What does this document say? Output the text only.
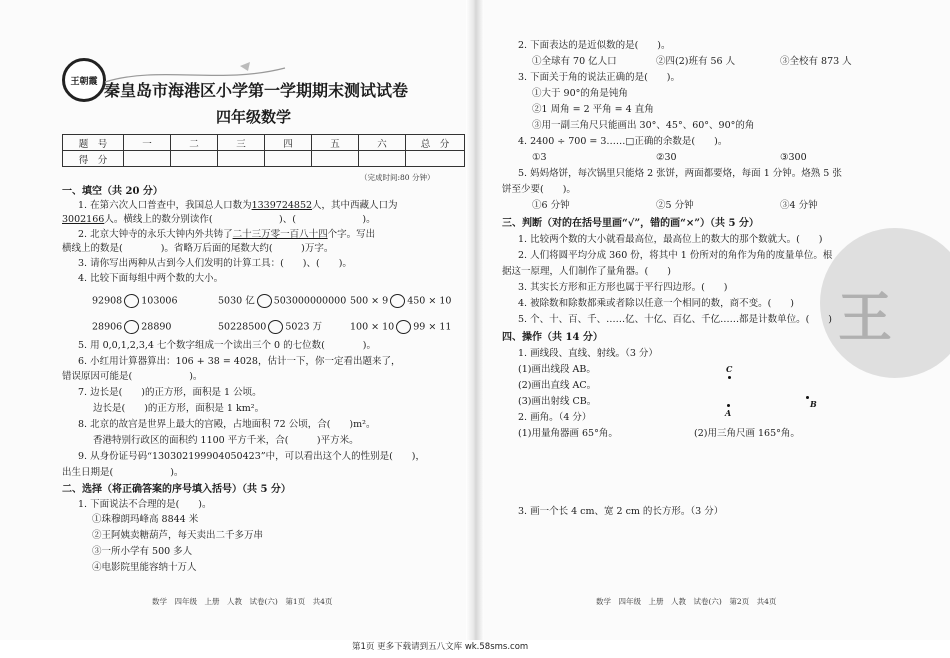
王朝霞 秦皇岛市海港区小学第一学期期末测试试卷
四年级数学
题　号	一	二	三	四	五	六	总　分
得　分							
（完成时间:80 分钟）
一、填空（共 20 分）
1. 在第六次人口普查中，我国总人口数为1339724852人，其中西藏人口为
3002166人。横线上的数分别读作(　　　　　　　)、(　　　　　　　)。
2. 北京大钟寺的永乐大钟内外共铸了二十三万零一百八十四个字。写出
横线上的数是(　　　　)。省略万后面的尾数大约(　　　)万字。
3. 请你写出两种从古到今人们发明的计算工具：(　　)、(　　)。
4. 比较下面每组中两个数的大小。
92908 103006	5030 亿 503000000000 500 × 9 450 × 10
28906 28890	50228500 5023 万	100 × 10 99 × 11
5. 用 0,0,1,2,3,4 七个数字组成一个读出三个 0 的七位数(　　　　)。
6. 小红用计算器算出：106 + 38 = 4028，估计一下，你一定看出题来了，
错误原因可能是(　　　　　　)。
7. 边长是(　　)的正方形，面积是 1 公顷。
边长是(　　)的正方形，面积是 1 km²。
8. 北京的故宫是世界上最大的宫殿，占地面积 72 公顷，合(　　)m²。
香港特别行政区的面积约 1100 平方千米，合(　　　)平方米。
9. 从身份证号码“130302199904050423”中，可以看出这个人的性别是(　　)，
出生日期是(　　　　　　)。
二、选择（将正确答案的序号填入括号）（共 5 分）
1. 下面说法不合理的是(　　)。
①珠穆朗玛峰高 8844 米
②王阿姨卖糖葫芦，每天卖出二千多万串
③一所小学有 500 多人
④电影院里能容纳十万人
数学　四年级　上册　人教　试卷(六)　第1页　共4页
王
2. 下面表达的是近似数的是(　　)。
①全球有 70 亿人口	②四(2)班有 56 人	③全校有 873 人
3. 下面关于角的说法正确的是(　　)。
①大于 90°的角是钝角
②1 周角 = 2 平角 = 4 直角
③用一副三角尺只能画出 30°、45°、60°、90°的角
4. 2400 ÷ 700 = 3……□正确的余数是(　　)。
①3	②30	③300
5. 妈妈烙饼，每次锅里只能烙 2 张饼，两面都要烙，每面 1 分钟。烙熟 5 张
饼至少要(　　)。
①6 分钟	②5 分钟	③4 分钟
三、判断（对的在括号里画“√”，错的画“×”）（共 5 分）
1. 比较两个数的大小就看最高位，最高位上的数大的那个数就大。(　　)
2. 人们将圆平均分成 360 份，将其中 1 份所对的角作为角的度量单位。根
据这一原理，人们制作了量角器。(　　)
3. 其实长方形和正方形也属于平行四边形。(　　)
4. 被除数和除数都乘或者除以任意一个相同的数，商不变。(　　)
5. 个、十、百、千、……亿、十亿、百亿、千亿……都是计数单位。(　　)
四、操作（共 14 分）
1. 画线段、直线、射线。（3 分）
(1)画出线段 AB。
(2)画出直线 AC。
(3)画出射线 CB。
C
B
A
2. 画角。（4 分）
(1)用量角器画 65°角。	(2)用三角尺画 165°角。
3. 画一个长 4 cm、宽 2 cm 的长方形。（3 分）
数学　四年级　上册　人教　试卷(六)　第2页　共4页
第1页 更多下载请到五八文库 wk.58sms.com
